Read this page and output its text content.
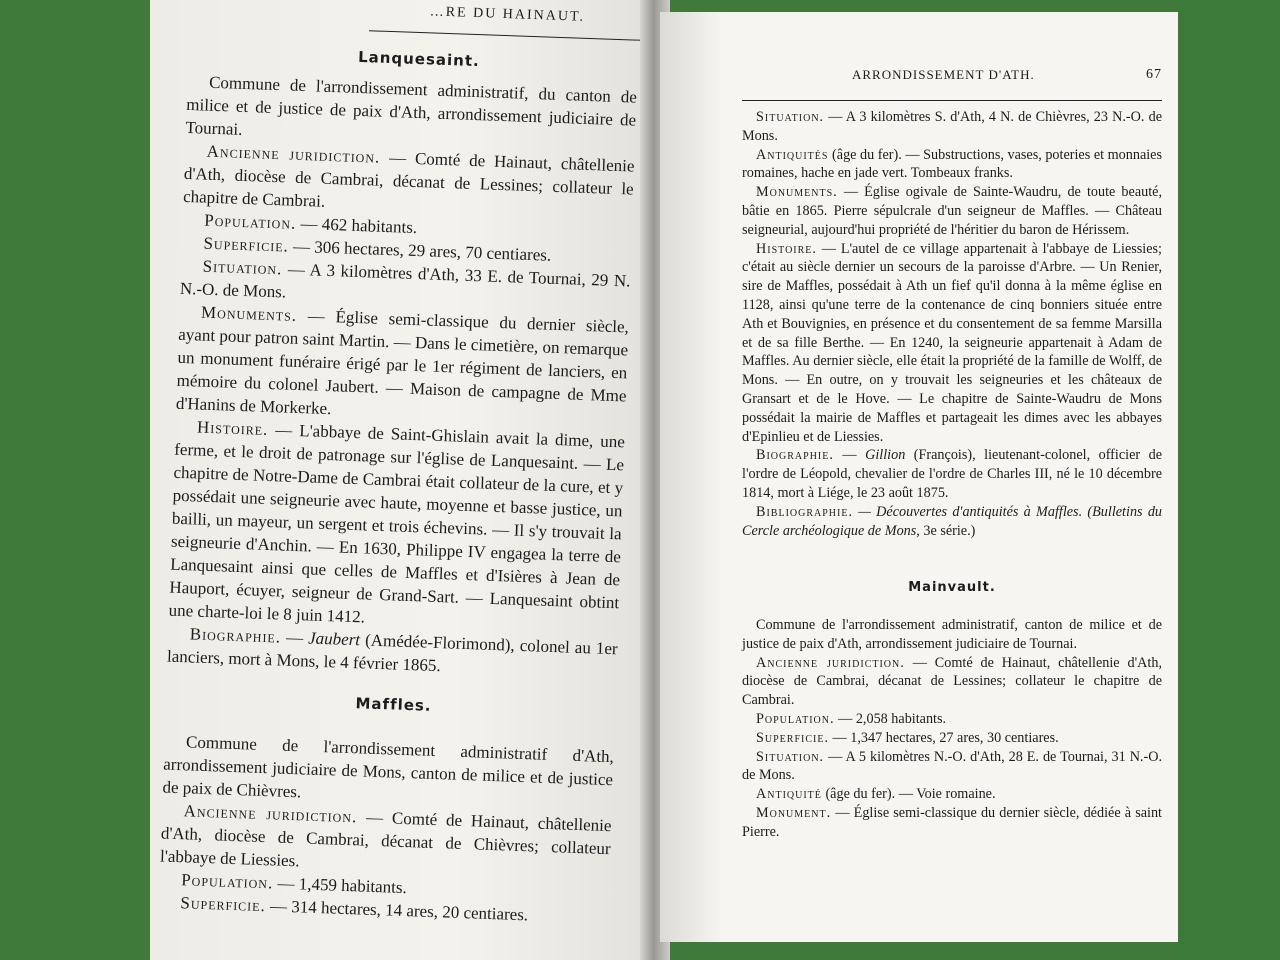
…RE DU HAINAUT.
Lanquesaint.

Commune de l'arrondissement administratif, du canton de milice et de justice de paix d'Ath, arrondissement judiciaire de Tournai.

Ancienne juridiction. — Comté de Hainaut, châtellenie d'Ath, diocèse de Cambrai, décanat de Lessines; collateur le chapitre de Cambrai.

Population. — 462 habitants.

Superficie. — 306 hectares, 29 ares, 70 centiares.

Situation. — A 3 kilomètres d'Ath, 33 E. de Tournai, 29 N. N.-O. de Mons.

Monuments. — Église semi-classique du dernier siècle, ayant pour patron saint Martin. — Dans le cimetière, on remarque un monument funéraire érigé par le 1er régiment de lanciers, en mémoire du colonel Jaubert. — Maison de campagne de Mme d'Hanins de Morkerke.

Histoire. — L'abbaye de Saint-Ghislain avait la dime, une ferme, et le droit de patronage sur l'église de Lanquesaint. — Le chapitre de Notre-Dame de Cambrai était collateur de la cure, et y possédait une seigneurie avec haute, moyenne et basse justice, un bailli, un mayeur, un sergent et trois échevins. — Il s'y trouvait la seigneurie d'Anchin. — En 1630, Philippe IV engagea la terre de Lanquesaint ainsi que celles de Maffles et d'Isières à Jean de Hauport, écuyer, seigneur de Grand-Sart. — Lanquesaint obtint une charte-loi le 8 juin 1412.

Biographie. — Jaubert (Amédée-Florimond), colonel au 1er lanciers, mort à Mons, le 4 février 1865.

Maffles.

Commune de l'arrondissement administratif d'Ath, arrondissement judiciaire de Mons, canton de milice et de justice de paix de Chièvres.

Ancienne juridiction. — Comté de Hainaut, châtellenie d'Ath, diocèse de Cambrai, décanat de Chièvres; collateur l'abbaye de Liessies.

Population. — 1,459 habitants.

Superficie. — 314 hectares, 14 ares, 20 centiares.

ARRONDISSEMENT D'ATH.	67

Situation. — A 3 kilomètres S. d'Ath, 4 N. de Chièvres, 23 N.-O. de Mons.

Antiquités (âge du fer). — Substructions, vases, poteries et monnaies romaines, hache en jade vert. Tombeaux franks.

Monuments. — Église ogivale de Sainte-Waudru, de toute beauté, bâtie en 1865. Pierre sépulcrale d'un seigneur de Maffles. — Château seigneurial, aujourd'hui propriété de l'héritier du baron de Hérissem.

Histoire. — L'autel de ce village appartenait à l'abbaye de Liessies; c'était au siècle dernier un secours de la paroisse d'Arbre. — Un Renier, sire de Maffles, possédait à Ath un fief qu'il donna à la même église en 1128, ainsi qu'une terre de la contenance de cinq bonniers située entre Ath et Bouvignies, en présence et du consentement de sa femme Marsilla et de sa fille Berthe. — En 1240, la seigneurie appartenait à Adam de Maffles. Au dernier siècle, elle était la propriété de la famille de Wolff, de Mons. — En outre, on y trouvait les seigneuries et les châteaux de Gransart et de le Hove. — Le chapitre de Sainte-Waudru de Mons possédait la mairie de Maffles et partageait les dimes avec les abbayes d'Epinlieu et de Liessies.

Biographie. — Gillion (François), lieutenant-colonel, officier de l'ordre de Léopold, chevalier de l'ordre de Charles III, né le 10 décembre 1814, mort à Liége, le 23 août 1875.

Bibliographie. — Découvertes d'antiquités à Maffles. (Bulletins du Cercle archéologique de Mons, 3e série.)

Mainvault.

Commune de l'arrondissement administratif, canton de milice et de justice de paix d'Ath, arrondissement judiciaire de Tournai.

Ancienne juridiction. — Comté de Hainaut, châtellenie d'Ath, diocèse de Cambrai, décanat de Lessines; collateur le chapitre de Cambrai.

Population. — 2,058 habitants.

Superficie. — 1,347 hectares, 27 ares, 30 centiares.

Situation. — A 5 kilomètres N.-O. d'Ath, 28 E. de Tournai, 31 N.-O. de Mons.

Antiquité (âge du fer). — Voie romaine.

Monument. — Église semi-classique du dernier siècle, dédiée à saint Pierre.
